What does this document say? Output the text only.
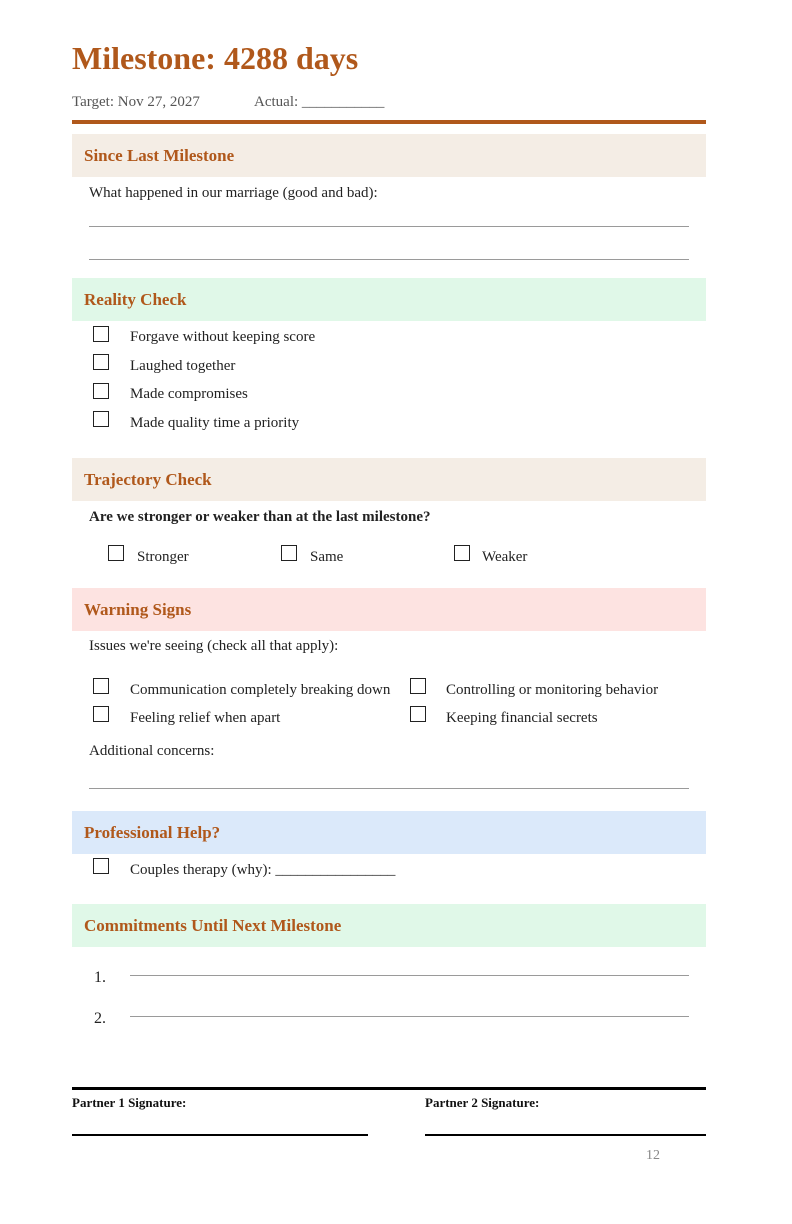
Milestone: 4288 days
Target: Nov 27, 2027	Actual: ___________
Since Last Milestone
What happened in our marriage (good and bad):
Reality Check
Forgave without keeping score
Laughed together
Made compromises
Made quality time a priority
Trajectory Check
Are we stronger or weaker than at the last milestone?
Stronger	Same	Weaker
Warning Signs
Issues we're seeing (check all that apply):
Communication completely breaking down	Controlling or monitoring behavior
Feeling relief when apart	Keeping financial secrets
Additional concerns:
Professional Help?
Couples therapy (why): ________________
Commitments Until Next Milestone
1.
2.
Partner 1 Signature:	Partner 2 Signature:
12
